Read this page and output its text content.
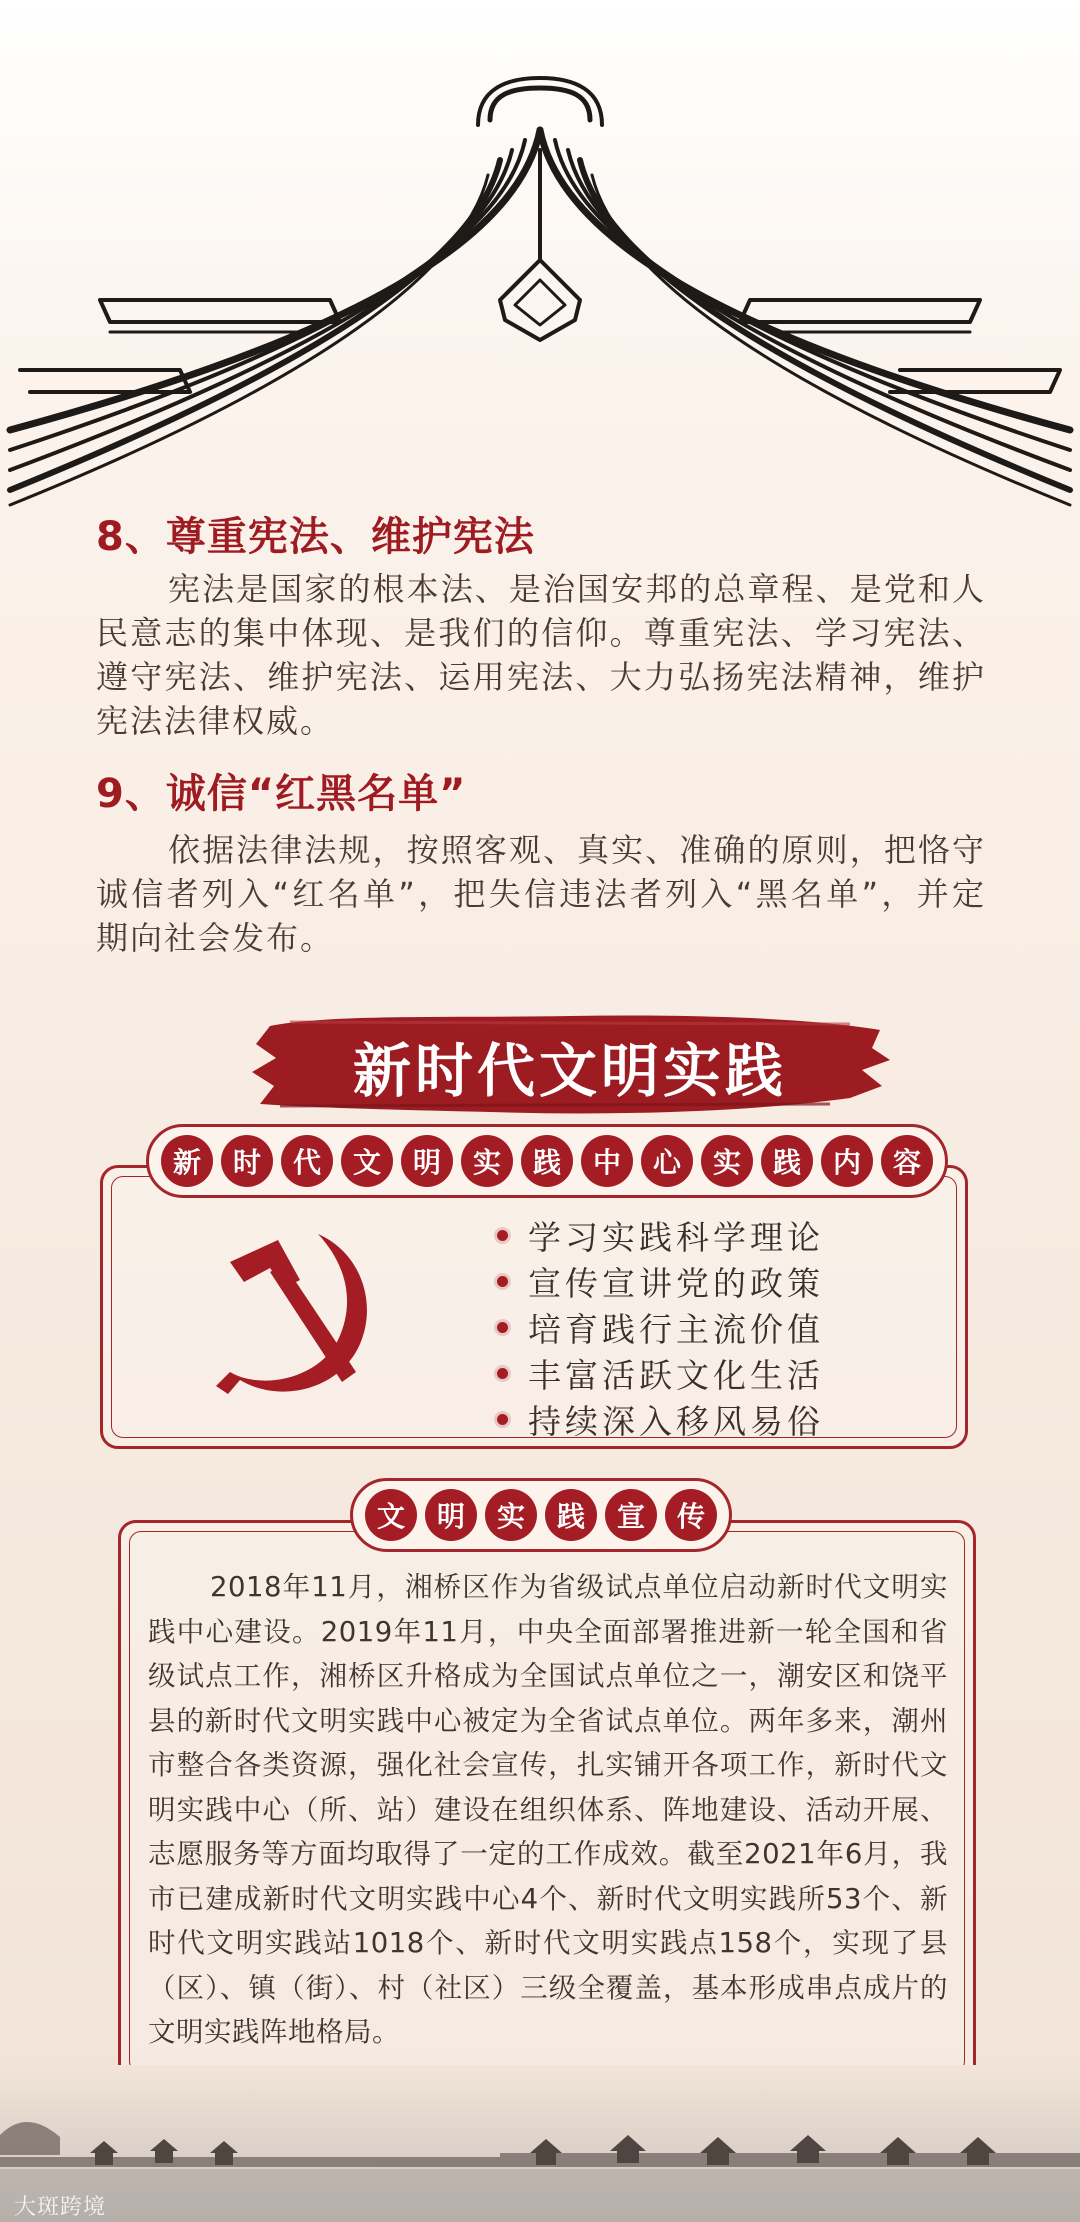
8、尊重宪法、维护宪法
宪法是国家的根本法、是治国安邦的总章程、是党和人民意志的集中体现、是我们的信仰。尊重宪法、学习宪法、遵守宪法、维护宪法、运用宪法、大力弘扬宪法精神，维护宪法法律权威。
9、诚信“红黑名单”
依据法律法规，按照客观、真实、准确的原则，把恪守诚信者列入“红名单”，把失信违法者列入“黑名单”，并定期向社会发布。
新时代文明实践
新	时	代	文	明	实	践	中	心	实	践	内	容
学习实践科学理论
宣传宣讲党的政策
培育践行主流价值
丰富活跃文化生活
持续深入移风易俗
文	明	实	践	宣	传
2018年11月，湘桥区作为省级试点单位启动新时代文明实践中心建设。2019年11月，中央全面部署推进新一轮全国和省级试点工作，湘桥区升格成为全国试点单位之一，潮安区和饶平县的新时代文明实践中心被定为全省试点单位。两年多来，潮州市整合各类资源，强化社会宣传，扎实铺开各项工作，新时代文明实践中心（所、站）建设在组织体系、阵地建设、活动开展、志愿服务等方面均取得了一定的工作成效。截至2021年6月，我市已建成新时代文明实践中心4个、新时代文明实践所53个、新时代文明实践站1018个、新时代文明实践点158个，实现了县（区）、镇（街）、村（社区）三级全覆盖，基本形成串点成片的文明实践阵地格局。
大斑跨境
